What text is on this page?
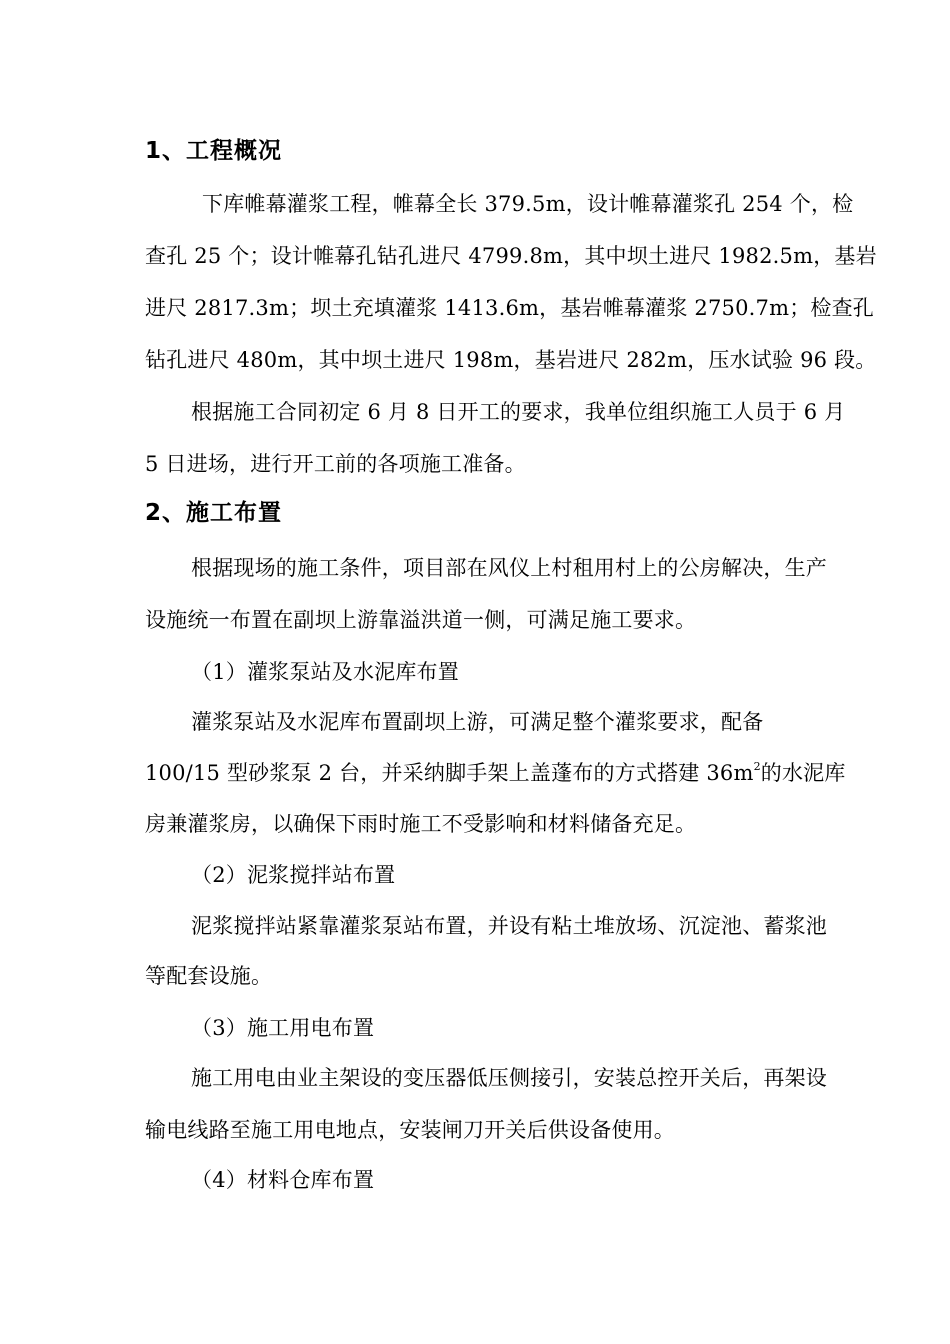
1、工程概况
下库帷幕灌浆工程，帷幕全长 379.5m，设计帷幕灌浆孔 254 个，检
查孔 25 个；设计帷幕孔钻孔进尺 4799.8m，其中坝土进尺 1982.5m，基岩
进尺 2817.3m；坝土充填灌浆 1413.6m，基岩帷幕灌浆 2750.7m；检查孔
钻孔进尺 480m，其中坝土进尺 198m，基岩进尺 282m，压水试验 96 段。
根据施工合同初定 6 月 8 日开工的要求，我单位组织施工人员于 6 月
5 日进场，进行开工前的各项施工准备。
2、施工布置
根据现场的施工条件，项目部在风仪上村租用村上的公房解决，生产
设施统一布置在副坝上游靠溢洪道一侧，可满足施工要求。
（1）灌浆泵站及水泥库布置
灌浆泵站及水泥库布置副坝上游，可满足整个灌浆要求，配备
100/15 型砂浆泵 2 台，并采纳脚手架上盖蓬布的方式搭建 $36m^2$的水泥库
房兼灌浆房，以确保下雨时施工不受影响和材料储备充足。
（2）泥浆搅拌站布置
泥浆搅拌站紧靠灌浆泵站布置，并设有粘土堆放场、沉淀池、蓄浆池
等配套设施。
（3）施工用电布置
施工用电由业主架设的变压器低压侧接引，安装总控开关后，再架设
输电线路至施工用电地点，安装闸刀开关后供设备使用。
（4）材料仓库布置
